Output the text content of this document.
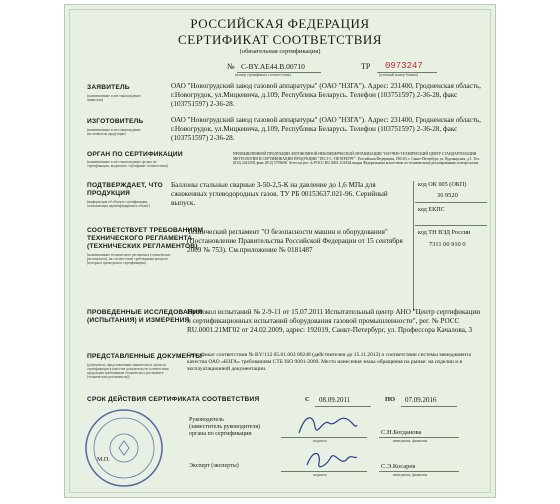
РОССИЙСКАЯ ФЕДЕРАЦИЯ
СЕРТИФИКАТ СООТВЕТСТВИЯ
(обязательная сертификация)
№ C-BY.AE44.B.00710
(номер сертификата соответствия)
ТР 0973247
(учетный номер бланка)
ЗАЯВИТЕЛЬ
(наименование и местонахождение заявителя)
ОАО "Новогрудский завод газовой аппаратуры" (ОАО "НЗГА"). Адрес: 231400, Гродненская область, г.Новогрудок, ул.Мицкевича, д.109, Республика Беларусь. Телефон (103751597) 2-36-28, факс (103751597) 2-36-28.
ИЗГОТОВИТЕЛЬ
(наименование и местонахождение изготовителя продукции)
ОАО "Новогрудский завод газовой аппаратуры" (ОАО "НЗГА"). Адрес: 231400, Гродненская область, г.Новогрудок, ул.Мицкевича, д.109, Республика Беларусь. Телефон (103751597) 2-36-28, факс (103751597) 2-36-28.
ОРГАН ПО СЕРТИФИКАЦИИ
(наименование и местонахождение органа по сертификации, выдавшего сертификат соответствия)
ПРОМЫШЛЕННОЙ ПРОДУКЦИИ АВТОНОМНОЙ НЕКОММЕРЧЕСКОЙ ОРГАНИЗАЦИИ "НАУЧНО-ТЕХНИЧЕСКИЙ ЦЕНТР СТАНДАРТИЗАЦИИ МЕТРОЛОГИИ И СЕРТИФИКАЦИИ ПРОДУКЦИИ "ТЕСТ-С.-ПЕТЕРБУРГ". Российская Федерация, 190103, г. Санкт-Петербург, ул. Курляндская, д.1. Тел. (812) 2441258, факс (812) 5759698. Аттестат рег. № РОСС RU.0001.11АЕ44 выдан Федеральным агентством по техническому регулированию и метрологии.
ПОДТВЕРЖДАЕТ, ЧТО
ПРОДУКЦИЯ
(информация об объекте сертификации, позволяющая идентифицировать объект)
Баллоны стальные сварные 3-50-2,5-К на давление до 1,6 МПа для сжиженных углеводородных газов. ТУ РБ 00153637.021-96. Серийный выпуск.
код ОК 005 (ОКП)
36 9520
код ЕКПС
код ТН ВЭД России
7311 00 910 0
СООТВЕТСТВУЕТ ТРЕБОВАНИЯМ
ТЕХНИЧЕСКОГО РЕГЛАМЕНТА
(ТЕХНИЧЕСКИХ РЕГЛАМЕНТОВ)
(наименование технического регламента (технических регламентов), на соответствие требованиям которого (которых) проводилась сертификация)
Технический регламент "О безопасности машин и оборудования" (Постановление Правительства Российской Федерации от 15 сентября 2009 № 753). См.приложение № 0181487
ПРОВЕДЕННЫЕ ИССЛЕДОВАНИЯ
(ИСПЫТАНИЯ) И ИЗМЕРЕНИЯ
Протокол испытаний № 2-9-11 от 15.07.2011 Испытательный центр АНО "Центр сертификации и сертификационных испытаний оборудования газовой промышленности", рег. № РОСС RU.0001.21МГ02 от 24.02.2009, адрес: 192019, Санкт-Петербург, ул. Профессора Качалова, 3
ПРЕДСТАВЛЕННЫЕ ДОКУМЕНТЫ
(документы, представленные заявителем в орган по сертификации в качестве доказательств соответствия продукции требованиям технического регламента (технических регламентов))
Сертификат соответствия № BY/112 05.01.003 00248 (действителен до 15.11.2013) о соответствии системы менеджмента качества ОАО «НЗГА» требованиям СТБ ISO 9001-2009. Место нанесения знака обращения на рынке: на изделии и в эксплуатационной документации.
СРОК ДЕЙСТВИЯ СЕРТИФИКАТА СООТВЕТСТВИЯ	С 08.09.2011	ПО 07.09.2016
Руководитель
(заместитель руководителя)
органа по сертификации	С.Н.Богданова
подпись	инициалы, фамилия
М.П.
Эксперт (эксперты)	С.Э.Косарев
подпись	инициалы, фамилия
